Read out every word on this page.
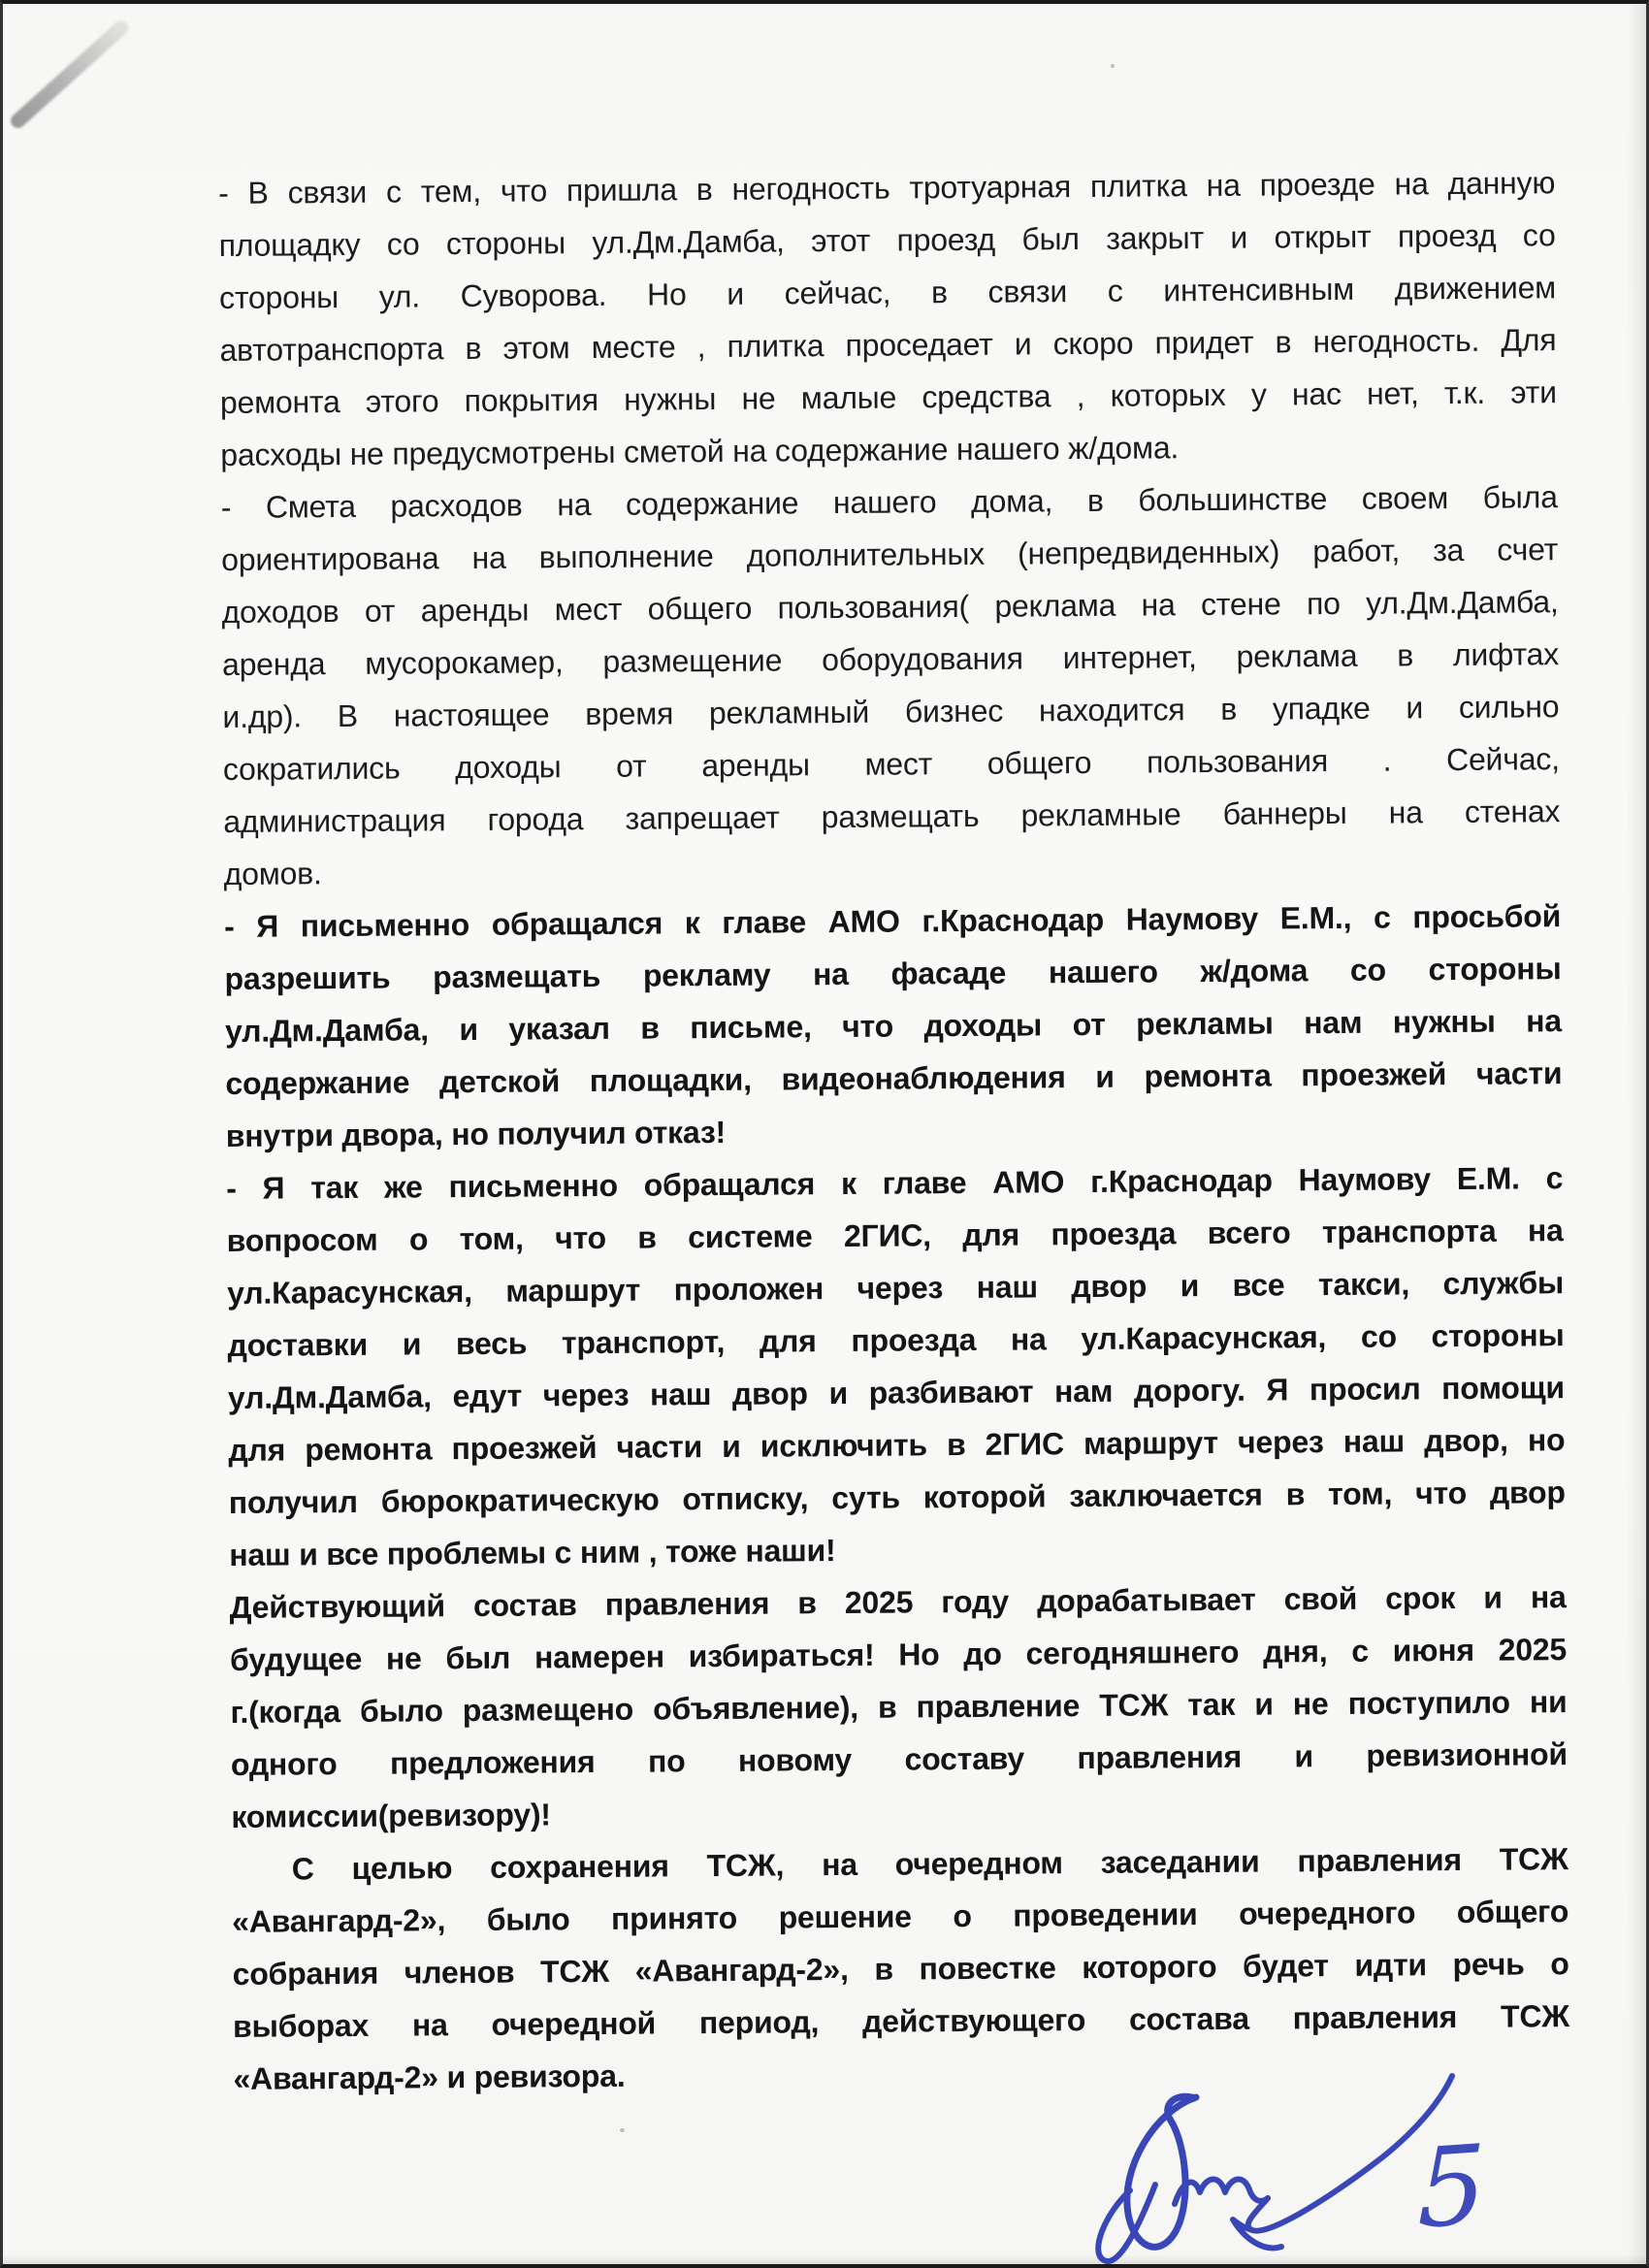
- В связи с тем, что пришла в негодность тротуарная плитка на проезде на данную
площадку со стороны ул.Дм.Дамба, этот проезд был закрыт и открыт проезд со
стороны ул. Суворова. Но и сейчас, в связи с интенсивным движением
автотранспорта в этом месте , плитка проседает и скоро придет в негодность. Для
ремонта этого покрытия нужны не малые средства , которых у нас нет, т.к. эти
расходы не предусмотрены сметой на содержание нашего ж/дома.
- Смета расходов на содержание нашего дома, в большинстве своем была
ориентирована на выполнение дополнительных (непредвиденных) работ, за счет
доходов от аренды мест общего пользования( реклама на стене по ул.Дм.Дамба,
аренда мусорокамер, размещение оборудования интернет, реклама в лифтах
и.др). В настоящее время рекламный бизнес находится в упадке и сильно
сократились доходы от аренды мест общего пользования . Сейчас,
администрация города запрещает размещать рекламные баннеры на стенах
домов.
- Я письменно обращался к главе АМО г.Краснодар Наумову Е.М., с просьбой
разрешить размещать рекламу на фасаде нашего ж/дома со стороны
ул.Дм.Дамба, и указал в письме, что доходы от рекламы нам нужны на
содержание детской площадки, видеонаблюдения и ремонта проезжей части
внутри двора, но получил отказ!
- Я так же письменно обращался к главе АМО г.Краснодар Наумову Е.М. с
вопросом о том, что в системе 2ГИС, для проезда всего транспорта на
ул.Карасунская, маршрут проложен через наш двор и все такси, службы
доставки и весь транспорт, для проезда на ул.Карасунская, со стороны
ул.Дм.Дамба, едут через наш двор и разбивают нам дорогу. Я просил помощи
для ремонта проезжей части и исключить в 2ГИС маршрут через наш двор, но
получил бюрократическую отписку, суть которой заключается в том, что двор
наш и все проблемы с ним , тоже наши!
Действующий состав правления в 2025 году дорабатывает свой срок и на
будущее не был намерен избираться! Но до сегодняшнего дня, с июня 2025
г.(когда было размещено объявление), в правление ТСЖ так и не поступило ни
одного предложения по новому составу правления и ревизионной
комиссии(ревизору)!
С целью сохранения ТСЖ, на очередном заседании правления ТСЖ
«Авангард-2», было принято решение о проведении очередного общего
собрания членов ТСЖ «Авангард-2», в повестке которого будет идти речь о
выборах на очередной период, действующего состава правления ТСЖ
«Авангард-2» и ревизора.
5
